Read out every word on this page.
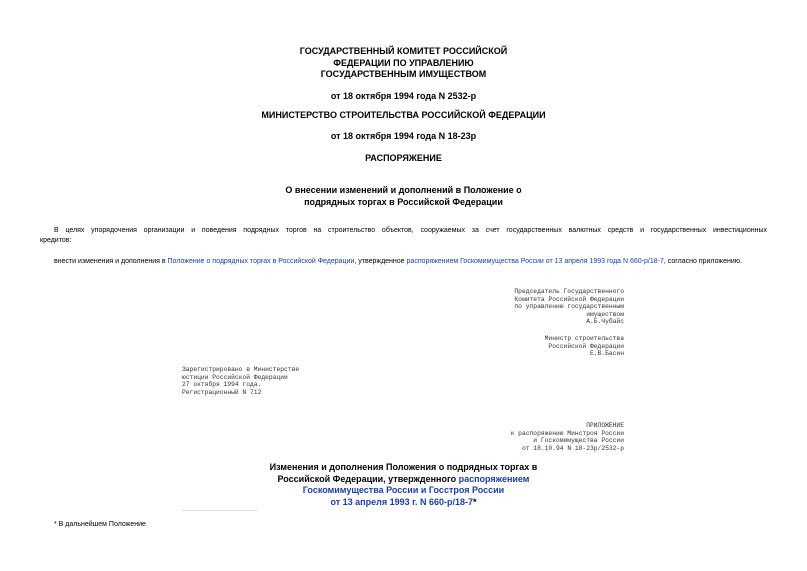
ГОСУДАРСТВЕННЫЙ КОМИТЕТ РОССИЙСКОЙ
ФЕДЕРАЦИИ ПО УПРАВЛЕНИЮ
ГОСУДАРСТВЕННЫМ ИМУЩЕСТВОМ
от 18 октября 1994 года N 2532-р
МИНИСТЕРСТВО СТРОИТЕЛЬСТВА РОССИЙСКОЙ ФЕДЕРАЦИИ
от 18 октября 1994 года N 18-23р
РАСПОРЯЖЕНИЕ
О внесении изменений и дополнений в Положение о
подрядных торгах в Российской Федерации
В целях упорядочения организации и поведения подрядных торгов на строительство объектов, сооружаемых за счет государственных валютных средств и государственных инвестиционных
кредитов:
внести изменения и дополнения в Положение о подрядных торгах в Российской Федерации, утвержденное распоряжением Госкомимущества России от 13 апреля 1993 года N 660-р/18-7, согласно приложению.
Председатель Государственного
Комитета Российской Федерации
по управлению государственным
имуществом
А.Б.Чубайс
Министр строительства
Российской Федерации
Е.В.Басин
Зарегистрировано в Министерстве
юстиции Российской Федерации
27 октября 1994 года.
Регистрационный N 712
ПРИЛОЖЕНИЕ
к распоряжению Минстроя России
и Госкомимущества России
от 18.10.94 N 18-23р/2532-р
Изменения и дополнения Положения о подрядных торгах в
Российской Федерации, утвержденного распоряжением
Госкомимущества России и Госстроя России
от 13 апреля 1993 г. N 660-р/18-7*
____________________
* В дальнейшем Положение
